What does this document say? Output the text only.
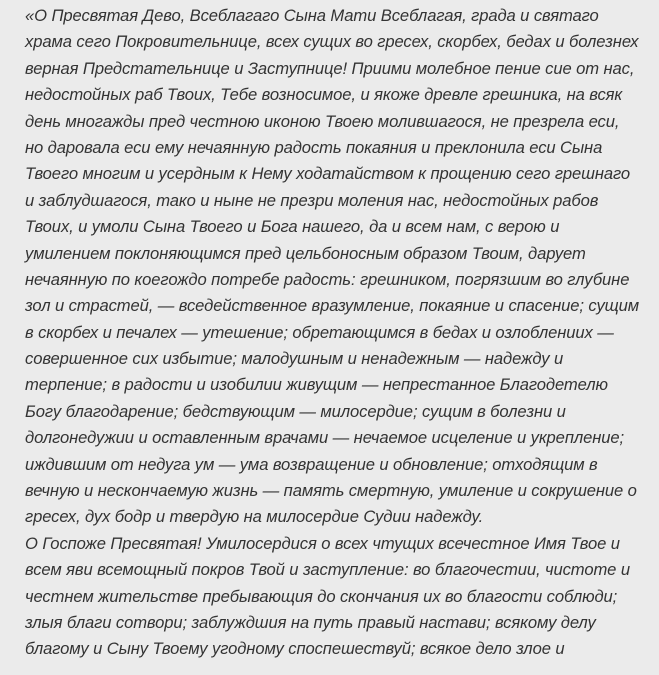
«О Пресвятая Дево, Всеблагаго Сына Мати Всеблагая, града и святаго
храма сего Покровительнице, всех сущих во гресех, скорбех, бедах и болезнех
верная Предстательнице и Заступнице! Приими молебное пение сие от нас,
недостойных раб Твоих, Тебе возносимое, и якоже древле грешника, на всяк
день многажды пред честною иконою Твоею молившагося, не презрела еси,
но даровала еси ему нечаянную радость покаяния и преклонила еси Сына
Твоего многим и усердным к Нему ходатайством к прощению сего грешнаго
и заблудшагося, тако и ныне не презри моления нас, недостойных рабов
Твоих, и умоли Сына Твоего и Бога нашего, да и всем нам, с верою и
умилением поклоняющимся пред цельбоносным образом Твоим, дарует
нечаянную по коегождо потребе радость: грешником, погрязшим во глубине
зол и страстей, — вседейственное вразумление, покаяние и спасение; сущим
в скорбех и печалех — утешение; обретающимся в бедах и озлоблениих —
совершенное сих избытие; малодушным и ненадежным — надежду и
терпение; в радости и изобилии живущим — непрестанное Благодетелю
Богу благодарение; бедствующим — милосердие; сущим в болезни и
долгонедужии и оставленным врачами — нечаемое исцеление и укрепление;
иждившим от недуга ум — ума возвращение и обновление; отходящим в
вечную и нескончаемую жизнь — память смертную, умиление и сокрушение о
гресех, дух бодр и твердую на милосердие Судии надежду.
О Госпоже Пресвятая! Умилосердися о всех чтущих всечестное Имя Твое и
всем яви всемощный покров Твой и заступление: во благочестии, чистоте и
честнем жительстве пребывающия до скончания их во благости соблюди;
злыя благи сотвори; заблуждшия на путь правый настави; всякому делу
благому и Сыну Твоему угодному споспешествуй; всякое дело злое и
